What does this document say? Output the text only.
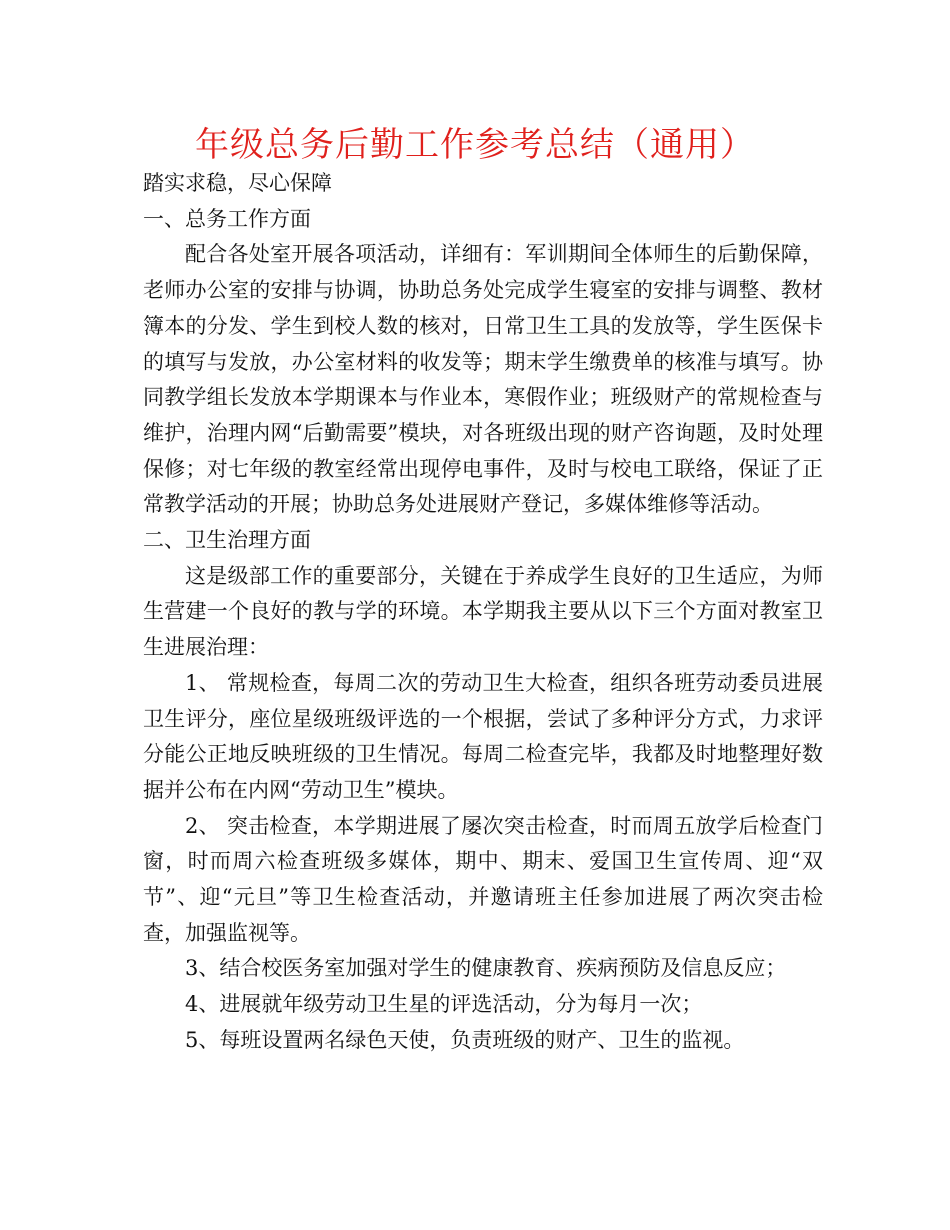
年级总务后勤工作参考总结（通用）

踏实求稳，尽心保障

一、总务工作方面

配合各处室开展各项活动，详细有：军训期间全体师生的后勤保障，老师办公室的安排与协调，协助总务处完成学生寝室的安排与调整、教材簿本的分发、学生到校人数的核对，日常卫生工具的发放等，学生医保卡的填写与发放，办公室材料的收发等；期末学生缴费单的核准与填写。协同教学组长发放本学期课本与作业本，寒假作业；班级财产的常规检查与维护，治理内网“后勤需要”模块，对各班级出现的财产咨询题，及时处理保修；对七年级的教室经常出现停电事件，及时与校电工联络，保证了正常教学活动的开展；协助总务处进展财产登记，多媒体维修等活动。

二、卫生治理方面

这是级部工作的重要部分，关键在于养成学生良好的卫生适应，为师生营建一个良好的教与学的环境。本学期我主要从以下三个方面对教室卫生进展治理：

1、 常规检查，每周二次的劳动卫生大检查，组织各班劳动委员进展卫生评分，座位星级班级评选的一个根据，尝试了多种评分方式，力求评分能公正地反映班级的卫生情况。每周二检查完毕，我都及时地整理好数据并公布在内网“劳动卫生”模块。

2、 突击检查，本学期进展了屡次突击检查，时而周五放学后检查门窗，时而周六检查班级多媒体，期中、期末、爱国卫生宣传周、迎“双节”、迎“元旦”等卫生检查活动，并邀请班主任参加进展了两次突击检查，加强监视等。

3、结合校医务室加强对学生的健康教育、疾病预防及信息反应；

4、进展就年级劳动卫生星的评选活动，分为每月一次；

5、每班设置两名绿色天使，负责班级的财产、卫生的监视。
